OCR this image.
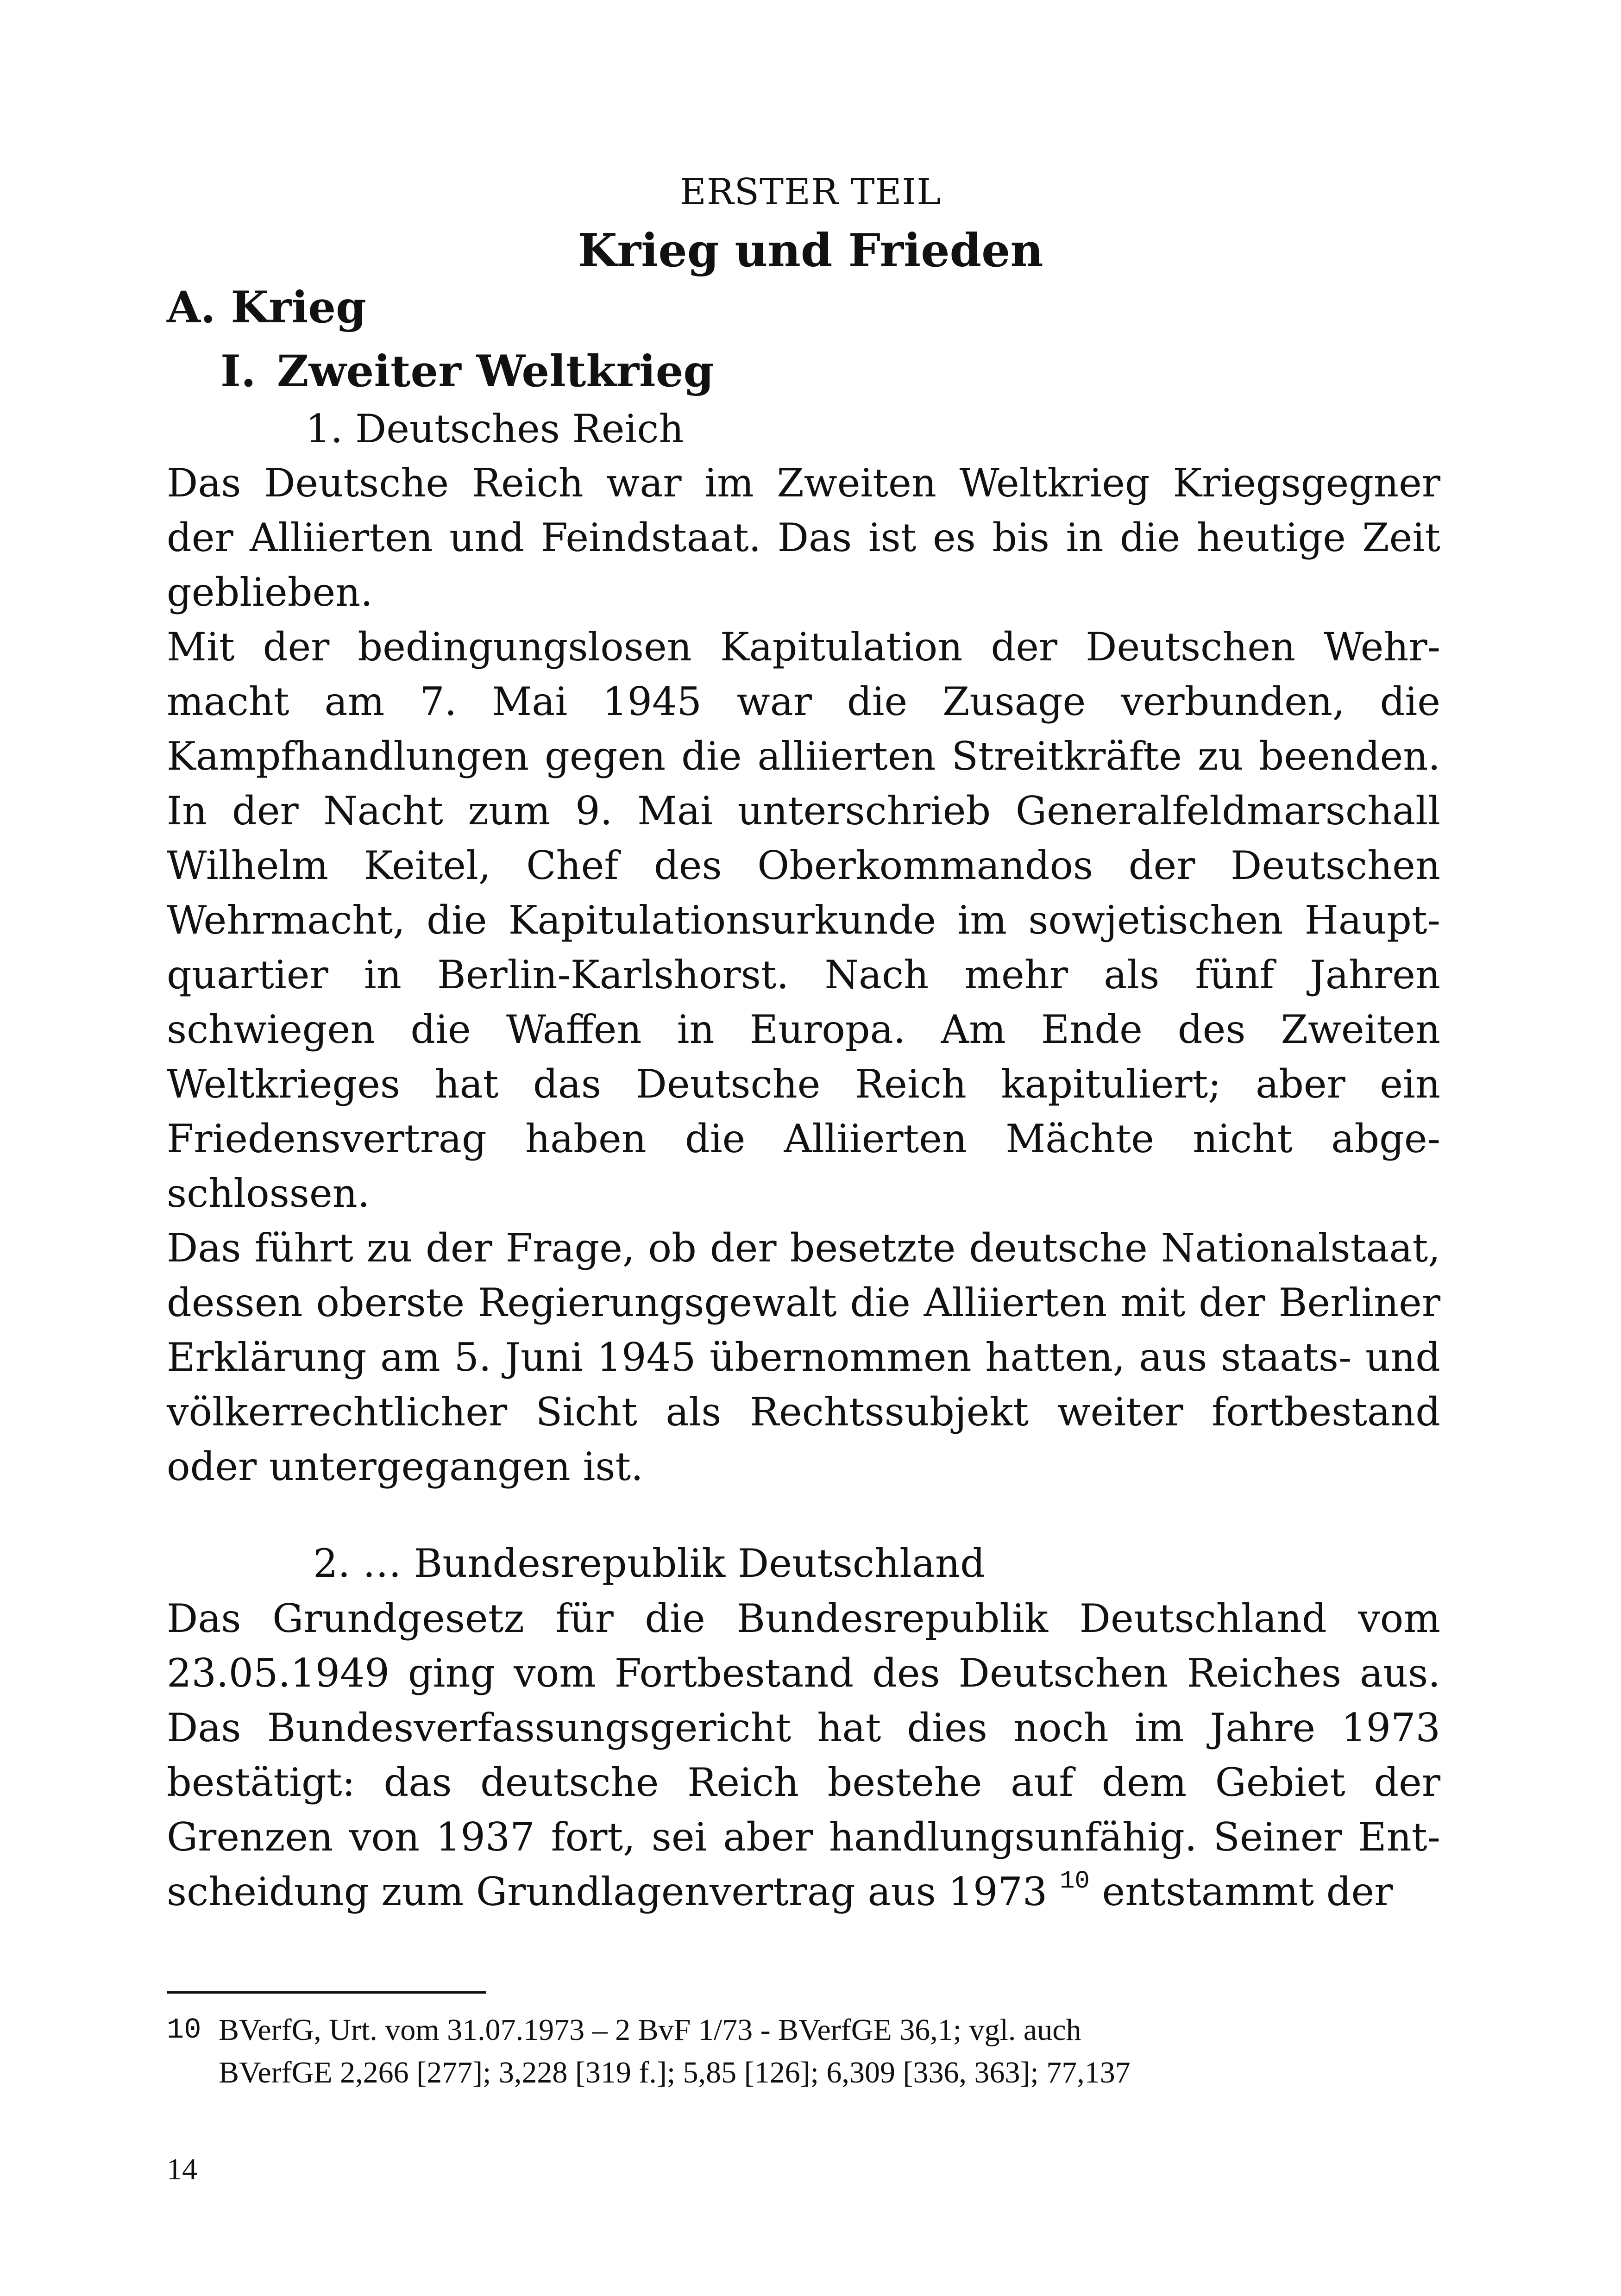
ERSTER TEIL
Krieg und Frieden
A. Krieg
I. Zweiter Weltkrieg
1. Deutsches Reich

Das Deutsche Reich war im Zweiten Weltkrieg Kriegsgegner der Alliierten und Feindstaat. Das ist es bis in die heutige Zeit geblieben.

Mit der bedingungslosen Kapitulation der Deutschen Wehrmacht am 7. Mai 1945 war die Zusage verbunden, die Kampfhandlungen gegen die alliierten Streitkräfte zu beenden. In der Nacht zum 9. Mai unterschrieb Generalfeldmarschall Wilhelm Keitel, Chef des Oberkommandos der Deutschen Wehrmacht, die Kapitulationsurkunde im sowjetischen Hauptquartier in Berlin-Karlshorst. Nach mehr als fünf Jahren schwiegen die Waffen in Europa. Am Ende des Zweiten Weltkrieges hat das Deutsche Reich kapituliert; aber ein Friedensvertrag haben die Alliierten Mächte nicht abgeschlossen.

Das führt zu der Frage, ob der besetzte deutsche Nationalstaat, dessen oberste Regierungsgewalt die Alliierten mit der Berliner Erklärung am 5. Juni 1945 übernommen hatten, aus staats- und völkerrechtlicher Sicht als Rechtssubjekt weiter fortbestand oder untergegangen ist.

2. … Bundesrepublik Deutschland

Das Grundgesetz für die Bundesrepublik Deutschland vom 23.05.1949 ging vom Fortbestand des Deutschen Reiches aus. Das Bundesverfassungsgericht hat dies noch im Jahre 1973 bestätigt: das deutsche Reich bestehe auf dem Gebiet der Grenzen von 1937 fort, sei aber handlungsunfähig. Seiner Entscheidung zum Grundlagenvertrag aus 1973 $^{10}$ entstammt der

10 BVerfG, Urt. vom 31.07.1973 – 2 BvF 1/73 - BVerfGE 36,1; vgl. auch
BVerfGE 2,266 [277]; 3,228 [319 f.]; 5,85 [126]; 6,309 [336, 363]; 77,137
14
